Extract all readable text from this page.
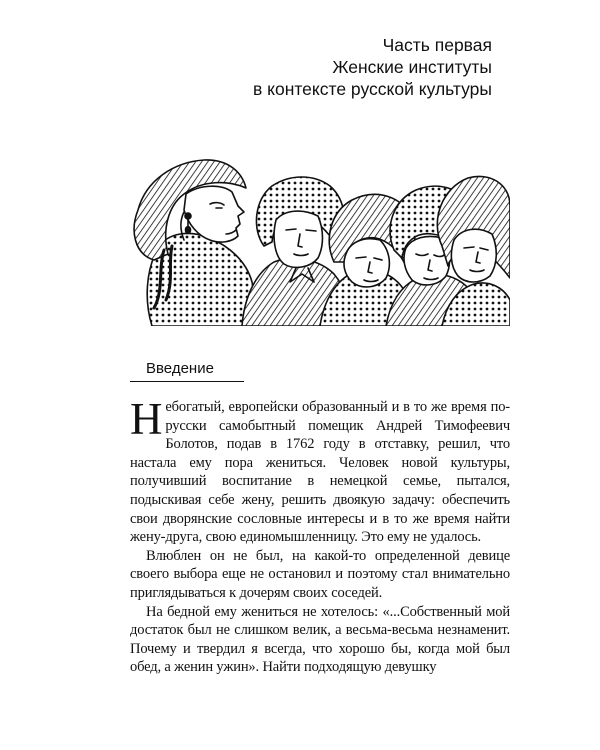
Часть первая
Женские институты
в контексте русской культуры
Введение

Небогатый, европейски образованный и в то же время по-русски самобытный помещик Андрей Тимофеевич Болотов, подав в 1762 году в отставку, решил, что настала ему пора жениться. Человек новой культуры, получивший воспитание в немецкой семье, пытался, подыскивая себе жену, решить двоякую задачу: обеспечить свои дворянские сословные интересы и в то же время найти жену-друга, свою единомышленницу. Это ему не удалось.

Влюблен он не был, на какой-то определенной девице своего выбора еще не остановил и поэтому стал внимательно приглядываться к дочерям своих соседей.

На бедной ему жениться не хотелось: «...Собственный мой достаток был не слишком велик, а весьма-весьма незнаменит. Почему и твердил я всегда, что хорошо бы, когда мой был обед, а женин ужин». Найти подходящую девушку
